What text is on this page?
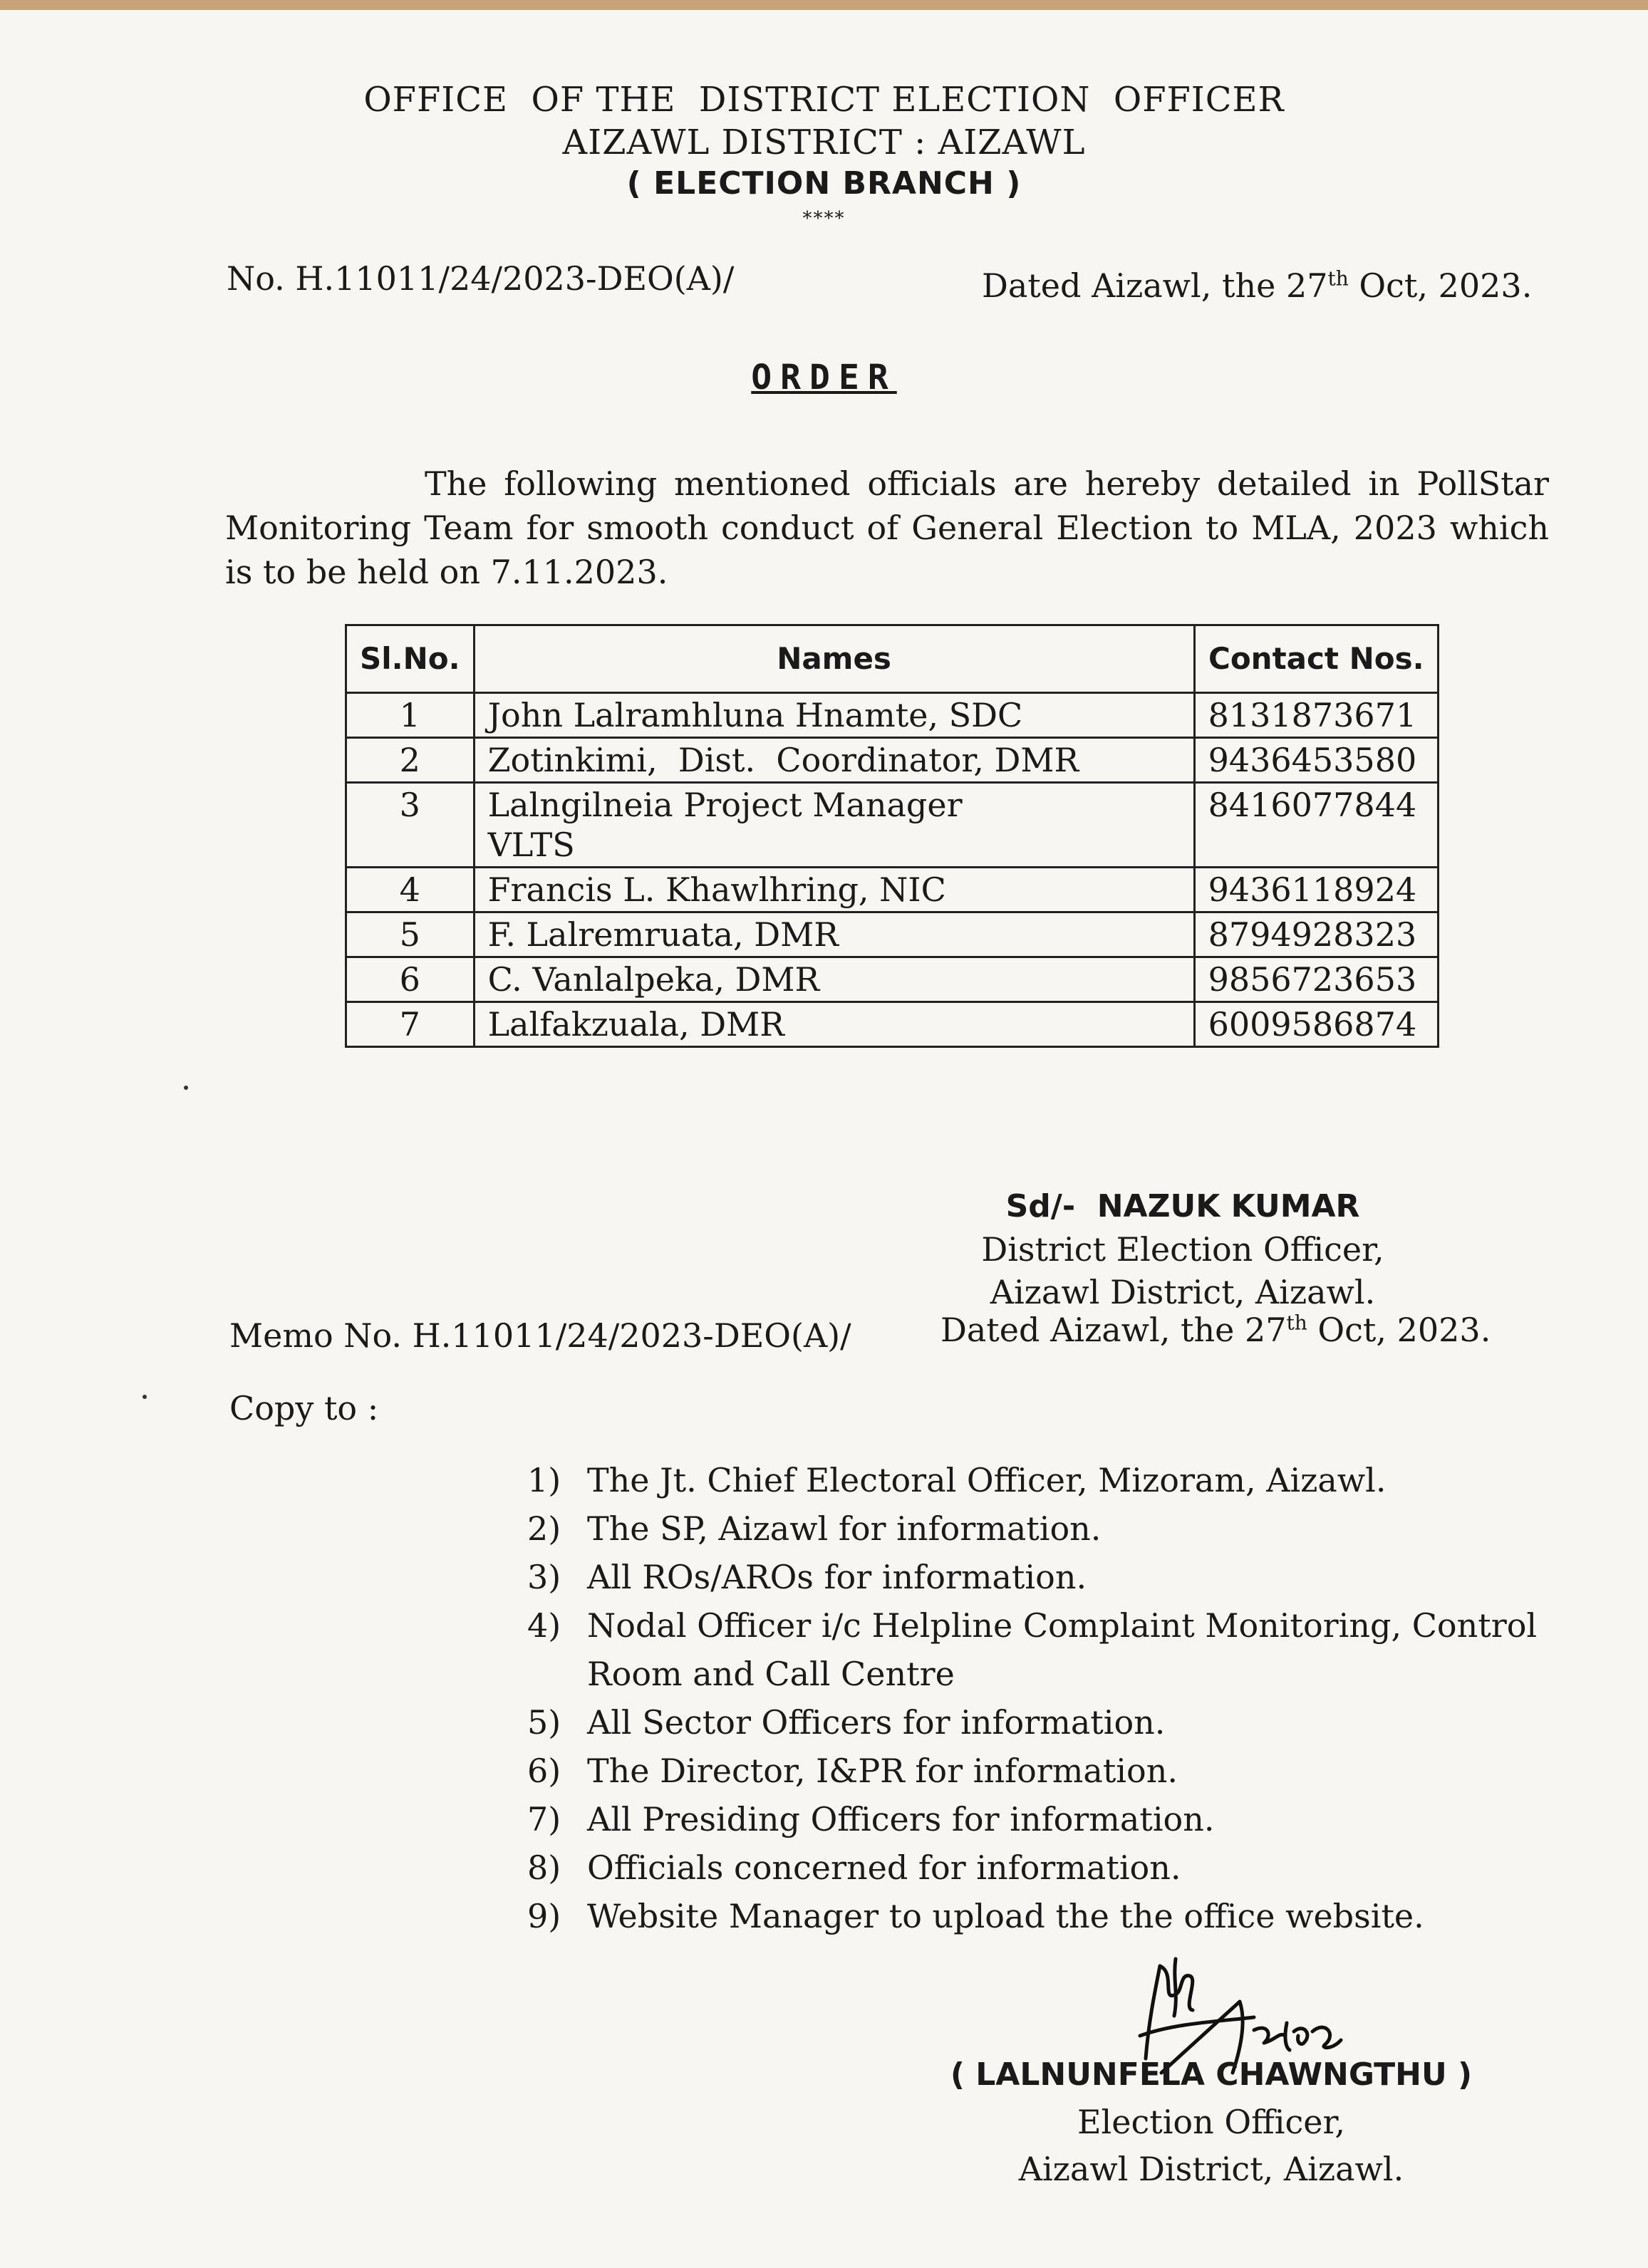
OFFICE  OF THE  DISTRICT ELECTION  OFFICER
AIZAWL DISTRICT : AIZAWL
( ELECTION BRANCH )
****
No. H.11011/24/2023-DEO(A)/	Dated Aizawl, the 27th Oct, 2023.
ORDER
The following mentioned officials are hereby detailed in PollStar Monitoring Team for smooth conduct of General Election to MLA, 2023 which is to be held on 7.11.2023.
Sl.No.	Names	Contact Nos.
1	John Lalramhluna Hnamte, SDC	8131873671
2	Zotinkimi,  Dist.  Coordinator, DMR	9436453580
3	Lalngilneia Project Manager VLTS	8416077844
4	Francis L. Khawlhring, NIC	9436118924
5	F. Lalremruata, DMR	8794928323
6	C. Vanlalpeka, DMR	9856723653
7	Lalfakzuala, DMR	6009586874
Sd/-  NAZUK KUMAR
District Election Officer,
Aizawl District, Aizawl.
Memo No. H.11011/24/2023-DEO(A)/	Dated Aizawl, the 27th Oct, 2023.
Copy to :
1) The Jt. Chief Electoral Officer, Mizoram, Aizawl.
2) The SP, Aizawl for information.
3) All ROs/AROs for information.
4) Nodal Officer i/c Helpline Complaint Monitoring, Control Room and Call Centre
5) All Sector Officers for information.
6) The Director, I&PR for information.
7) All Presiding Officers for information.
8) Officials concerned for information.
9) Website Manager to upload the the office website.
( LALNUNFELA CHAWNGTHU )
Election Officer,
Aizawl District, Aizawl.
